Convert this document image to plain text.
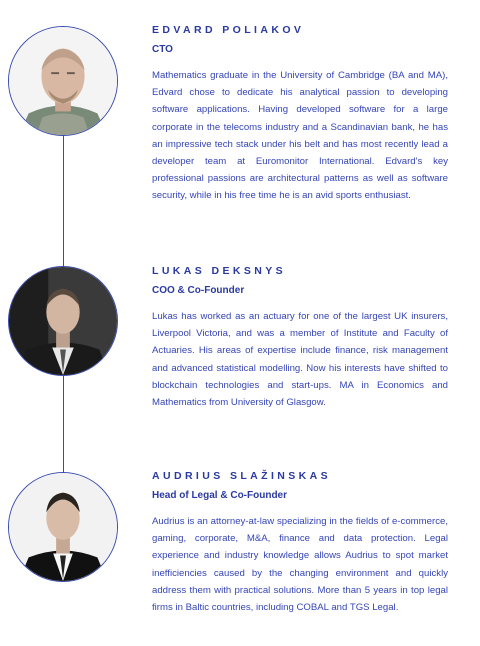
EDVARD POLIAKOV

CTO

Mathematics graduate in the University of Cambridge (BA and MA), Edvard chose to dedicate his analytical passion to developing software applications. Having developed software for a large corporate in the telecoms industry and a Scandinavian bank, he has an impressive tech stack under his belt and has most recently lead a developer team at Euromonitor International. Edvard's key professional passions are architectural patterns as well as software security, while in his free time he is an avid sports enthusiast.

LUKAS DEKSNYS

COO & Co-Founder

Lukas has worked as an actuary for one of the largest UK insurers, Liverpool Victoria, and was a member of Institute and Faculty of Actuaries. His areas of expertise include finance, risk management and advanced statistical modelling. Now his interests have shifted to blockchain technologies and start-ups. MA in Economics and Mathematics from University of Glasgow.

AUDRIUS SLAŽINSKAS

Head of Legal & Co-Founder

Audrius is an attorney-at-law specializing in the fields of e-commerce, gaming, corporate, M&A, finance and data protection. Legal experience and industry knowledge allows Audrius to spot market inefficiencies caused by the changing environment and quickly address them with practical solutions. More than 5 years in top legal firms in Baltic countries, including COBAL and TGS Legal.
